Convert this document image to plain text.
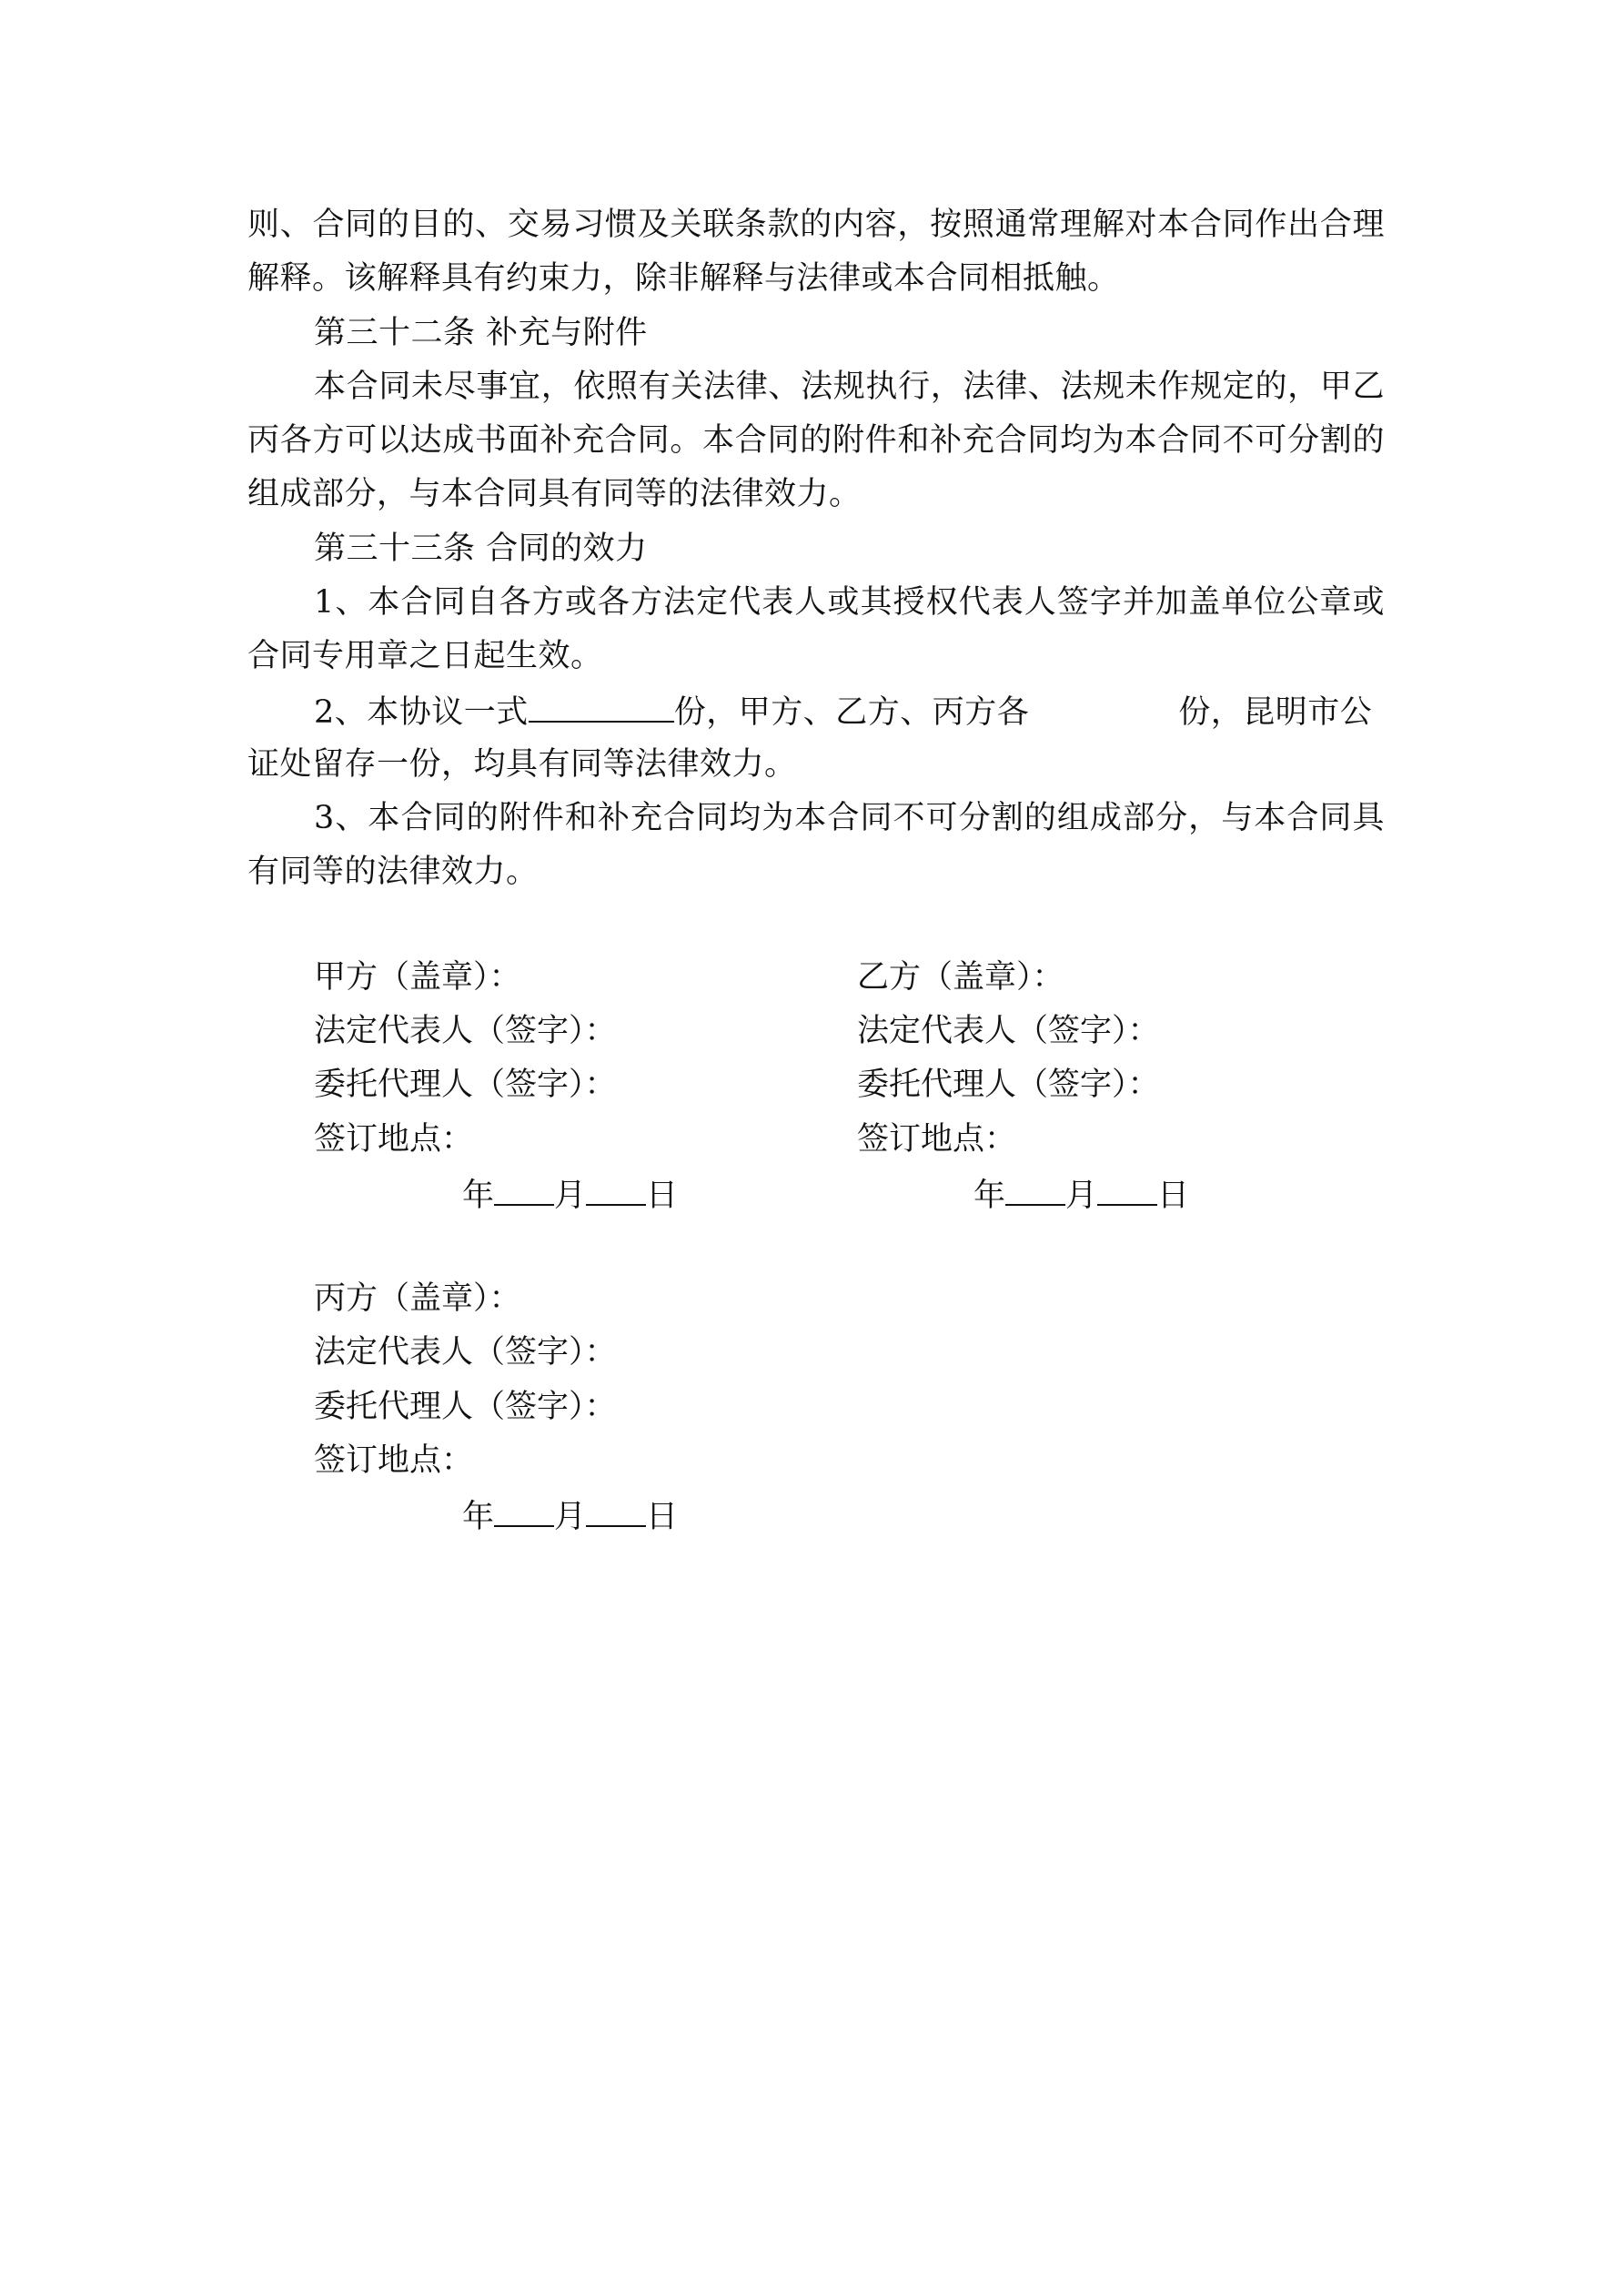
则、合同的目的、交易习惯及关联条款的内容，按照通常理解对本合同作出合理
解释。该解释具有约束力，除非解释与法律或本合同相抵触。
第三十二条 补充与附件
本合同未尽事宜，依照有关法律、法规执行，法律、法规未作规定的，甲乙
丙各方可以达成书面补充合同。本合同的附件和补充合同均为本合同不可分割的
组成部分，与本合同具有同等的法律效力。
第三十三条 合同的效力
1、本合同自各方或各方法定代表人或其授权代表人签字并加盖单位公章或
合同专用章之日起生效。
2、本协议一式	份，甲方、乙方、丙方各	份，昆明市公
证处留存一份，均具有同等法律效力。
3、本合同的附件和补充合同均为本合同不可分割的组成部分，与本合同具
有同等的法律效力。
甲方（盖章）：
法定代表人（签字）：
委托代理人（签字）：
签订地点：
年 月 日
乙方（盖章）：
法定代表人（签字）：
委托代理人（签字）：
签订地点：
年 月 日
丙方（盖章）：
法定代表人（签字）：
委托代理人（签字）：
签订地点：
年 月 日
